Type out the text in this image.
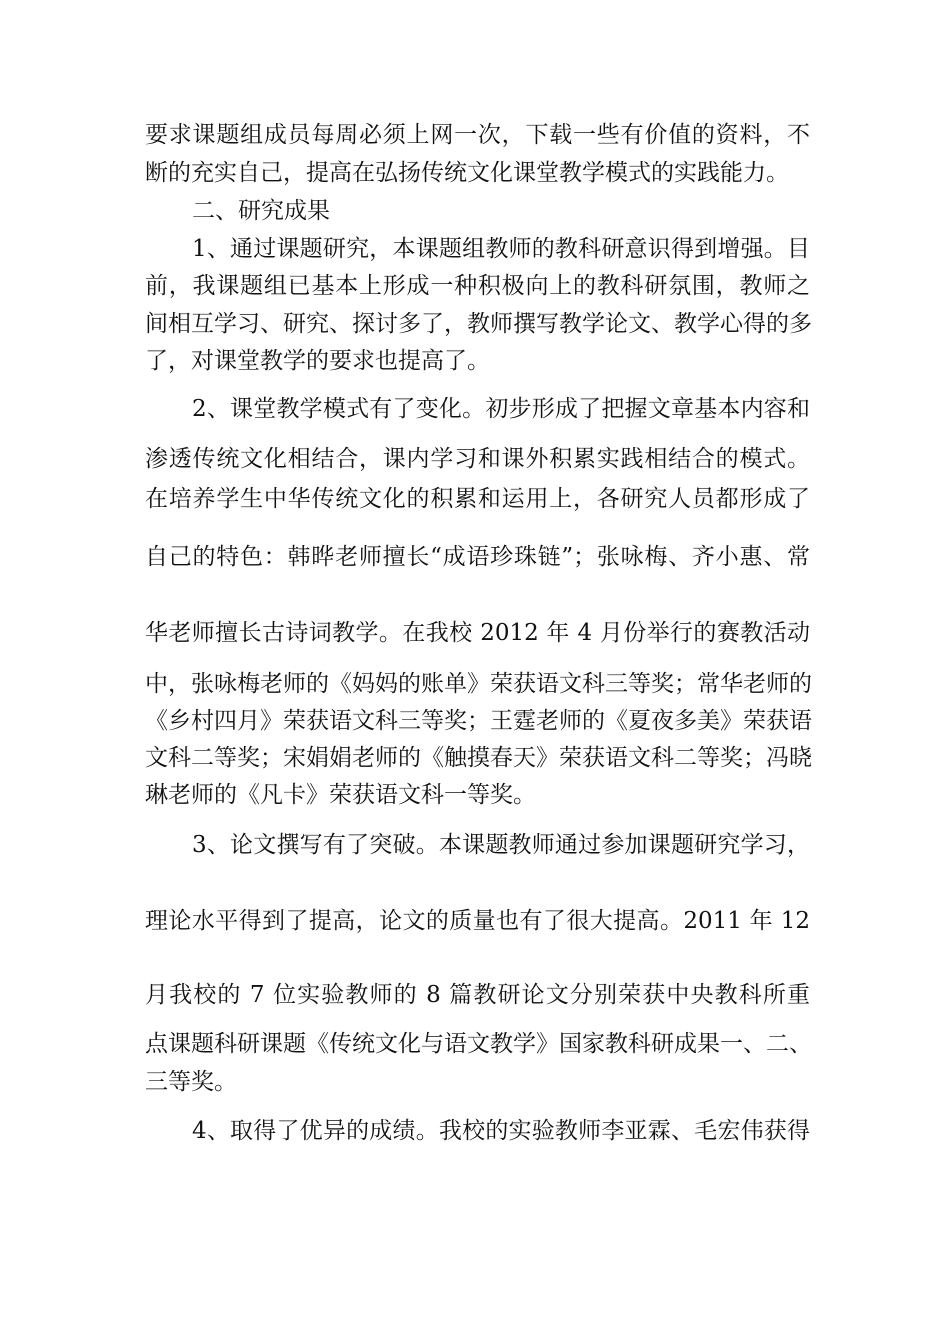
要求课题组成员每周必须上网一次，下载一些有价值的资料，不
断的充实自己，提高在弘扬传统文化课堂教学模式的实践能力。
二、研究成果
1、通过课题研究，本课题组教师的教科研意识得到增强。目
前，我课题组已基本上形成一种积极向上的教科研氛围，教师之
间相互学习、研究、探讨多了，教师撰写教学论文、教学心得的多
了，对课堂教学的要求也提高了。
2、课堂教学模式有了变化。初步形成了把握文章基本内容和
渗透传统文化相结合，课内学习和课外积累实践相结合的模式。
在培养学生中华传统文化的积累和运用上，各研究人员都形成了
自己的特色：韩晔老师擅长“成语珍珠链”；张咏梅、齐小惠、常
华老师擅长古诗词教学。在我校 2012 年 4 月份举行的赛教活动
中，张咏梅老师的《妈妈的账单》荣获语文科三等奖；常华老师的
《乡村四月》荣获语文科三等奖；王霆老师的《夏夜多美》荣获语
文科二等奖；宋娟娟老师的《触摸春天》荣获语文科二等奖；冯晓
琳老师的《凡卡》荣获语文科一等奖。
3、论文撰写有了突破。本课题教师通过参加课题研究学习，
理论水平得到了提高，论文的质量也有了很大提高。2011 年 12
月我校的 7 位实验教师的 8 篇教研论文分别荣获中央教科所重
点课题科研课题《传统文化与语文教学》国家教科研成果一、二、
三等奖。
4、取得了优异的成绩。我校的实验教师李亚霖、毛宏伟获得
